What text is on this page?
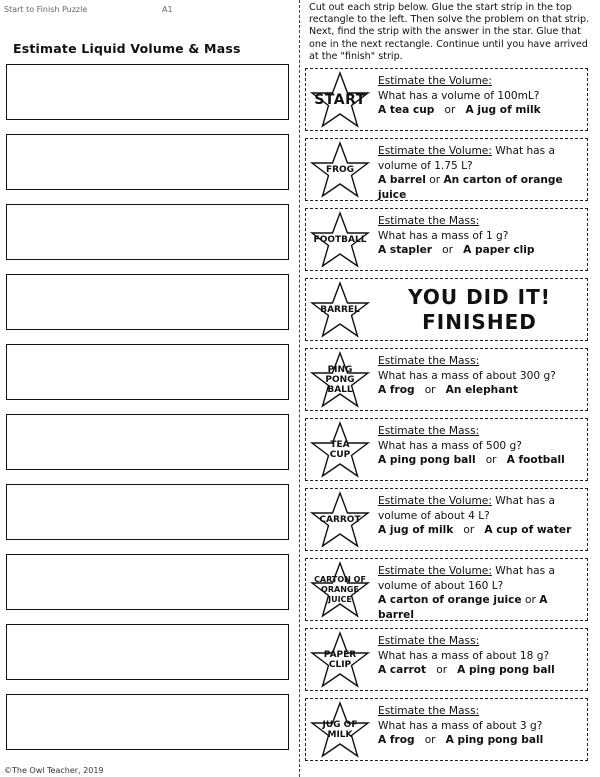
Start to Finish Puzzle	A1
Estimate Liquid Volume & Mass
Cut out each strip below. Glue the start strip in the top rectangle to the left. Then solve the problem on that strip. Next, find the strip with the answer in the star. Glue that one in the next rectangle. Continue until you have arrived at the "finish" strip.
START
Estimate the Volume:
What has a volume of 100mL?
A tea cup or A jug of milk
FROG
Estimate the Volume: What has a volume of 1.75 L?
A barrel or An carton of orange juice
FOOTBALL
Estimate the Mass:
What has a mass of 1 g?
A stapler or A paper clip
BARREL
YOU DID IT!
FINISHED
PING PONG BALL
Estimate the Mass:
What has a mass of about 300 g?
A frog or An elephant
TEA CUP
Estimate the Mass:
What has a mass of 500 g?
A ping pong ball or A football
CARROT
Estimate the Volume: What has a volume of about 4 L?
A jug of milk or A cup of water
CARTON OF ORANGE JUICE
Estimate the Volume: What has a volume of about 160 L?
A carton of orange juice or A barrel
PAPER CLIP
Estimate the Mass:
What has a mass of about 18 g?
A carrot or A ping pong ball
JUG OF MILK
Estimate the Mass:
What has a mass of about 3 g?
A frog or A ping pong ball
©The Owl Teacher, 2019
